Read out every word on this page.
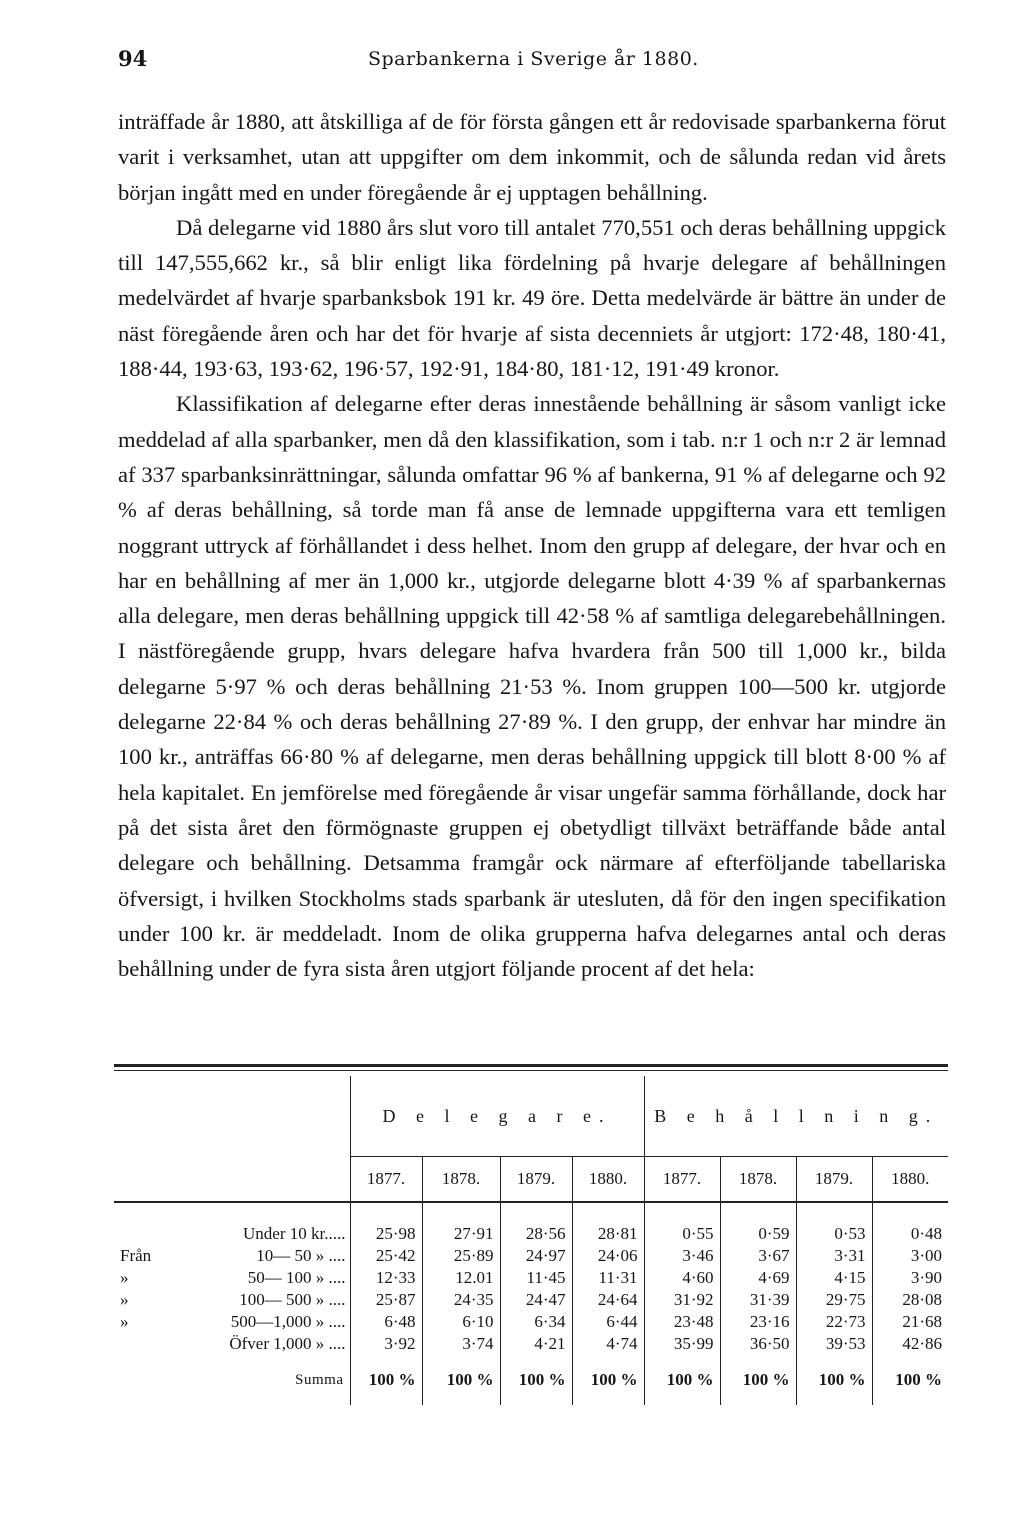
94	Sparbankerna i Sverige år 1880.

inträffade år 1880, att åtskilliga af de för första gången ett år redovisade sparbankerna förut varit i verksamhet, utan att uppgifter om dem inkommit, och de sålunda redan vid årets början ingått med en under föregående år ej upptagen behållning.

Då delegarne vid 1880 års slut voro till antalet 770,551 och deras behållning uppgick till 147,555,662 kr., så blir enligt lika fördelning på hvarje delegare af behållningen medelvärdet af hvarje sparbanksbok 191 kr. 49 öre. Detta medelvärde är bättre än under de näst föregående åren och har det för hvarje af sista decenniets år utgjort: 172·48, 180·41, 188·44, 193·63, 193·62, 196·57, 192·91, 184·80, 181·12, 191·49 kronor.

Klassifikation af delegarne efter deras innestående behållning är såsom vanligt icke meddelad af alla sparbanker, men då den klassifikation, som i tab. n:r 1 och n:r 2 är lemnad af 337 sparbanksinrättningar, sålunda omfattar 96 % af bankerna, 91 % af delegarne och 92 % af deras behållning, så torde man få anse de lemnade uppgifterna vara ett temligen noggrant uttryck af förhållandet i dess helhet. Inom den grupp af delegare, der hvar och en har en behållning af mer än 1,000 kr., utgjorde delegarne blott 4·39 % af sparbankernas alla delegare, men deras behållning uppgick till 42·58 % af samtliga delegarebehållningen. I nästföregående grupp, hvars delegare hafva hvardera från 500 till 1,000 kr., bilda delegarne 5·97 % och deras behållning 21·53 %. Inom gruppen 100—500 kr. utgjorde delegarne 22·84 % och deras behållning 27·89 %. I den grupp, der enhvar har mindre än 100 kr., anträffas 66·80 % af delegarne, men deras behållning uppgick till blott 8·00 % af hela kapitalet. En jemförelse med föregående år visar ungefär samma förhållande, dock har på det sista året den förmögnaste gruppen ej obetydligt tillväxt beträffande både antal delegare och behållning. Detsamma framgår ock närmare af efterföljande tabellariska öfversigt, i hvilken Stockholms stads sparbank är utesluten, då för den ingen specifikation under 100 kr. är meddeladt. Inom de olika grupperna hafva delegarnes antal och deras behållning under de fyra sista åren utgjort följande procent af det hela:

	D e l e g a r e.				B e h å l l n i n g.			
	1877.	1878.	1879.	1880.	1877.	1878.	1879.	1880.

Under 10 kr.....	25·98	27·91	28·56	28·81	0·55	0·59	0·53	0·48

Från 10— 50 » ....	25·42	25·89	24·97	24·06	3·46	3·67	3·31	3·00

» 50— 100 » ....	12·33	12.01	11·45	11·31	4·60	4·69	4·15	3·90

» 100— 500 » ....	25·87	24·35	24·47	24·64	31·92	31·39	29·75	28·08

» 500—1,000 » ....	6·48	6·10	6·34	6·44	23·48	23·16	22·73	21·68

Öfver 1,000 » ....	3·92	3·74	4·21	4·74	35·99	36·50	39·53	42·86
Summa	100 %	100 %	100 %	100 %	100 %	100 %	100 %	100 %
